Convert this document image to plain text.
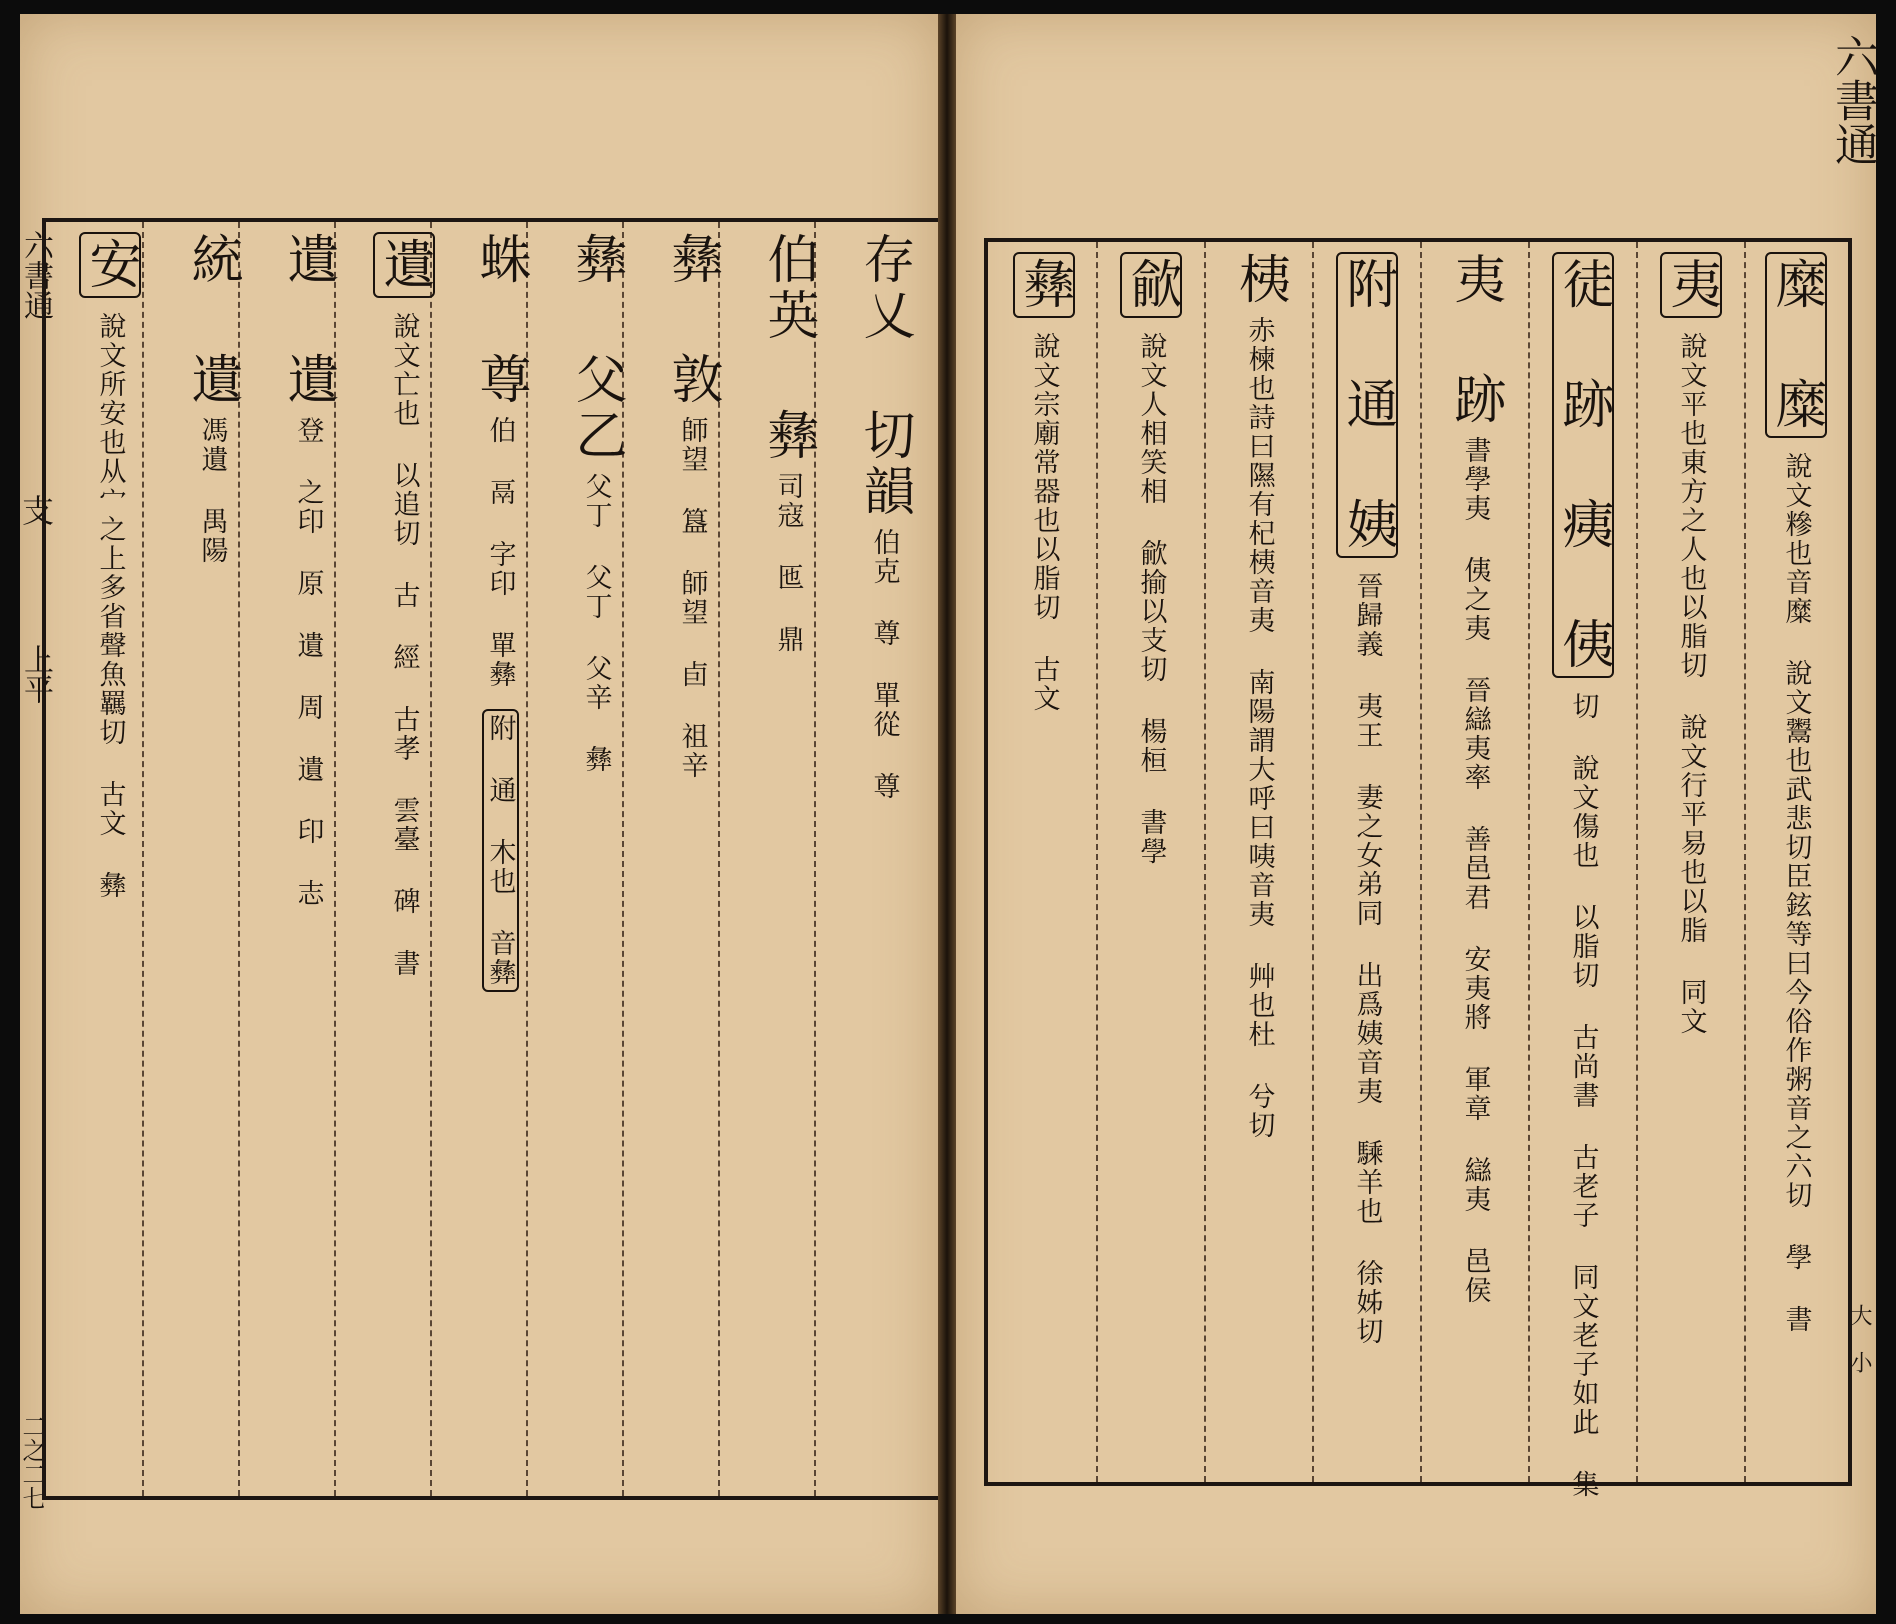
六書通
支
上平
二之二七
存乂 切韻
伯克 尊 單從 尊
伯英 彝
司寇 匜 鼎
彝 敦
師望 簋 師望 卣 祖辛
彝 父乙
父丁 父丁 父辛 彝
蛛 尊
伯 鬲 字印 單彝
附 通 木也 音彝
遺
說文亡也 以追切 古 經 古孝 雲臺 碑 書
遺 遺
登 之印 原 遺 周 遺 印 志
統 遺
馮遺 禺陽
安
說文所安也从宀之上多省聲魚羈切 古文 彝
六書通
大 小
糜 糜
說文糝也音糜 說文鬻也武悲切臣鉉等曰今俗作粥音之六切 學 書
夷
說文平也東方之人也以脂切 說文行平易也以脂 同文
徒 跡 痍 侇
切 說文傷也 以脂切 古尚書 古老子 同文老子如此 集
夷 跡
書學夷 侇之夷 晉䜌夷率 善邑君 安夷將 軍章 䜌夷 邑侯
附 通 姨
晉歸義 夷王 妻之女弟同 出爲姨音夷 騬羊也 徐姊切
桋
赤楝也詩曰隰有杞桋音夷 南陽謂大呼曰咦音夷 艸也杜 兮切
歈
說文人相笑相 歈揄以支切 楊桓 書學
彝
說文宗廟常器也以脂切 古文
